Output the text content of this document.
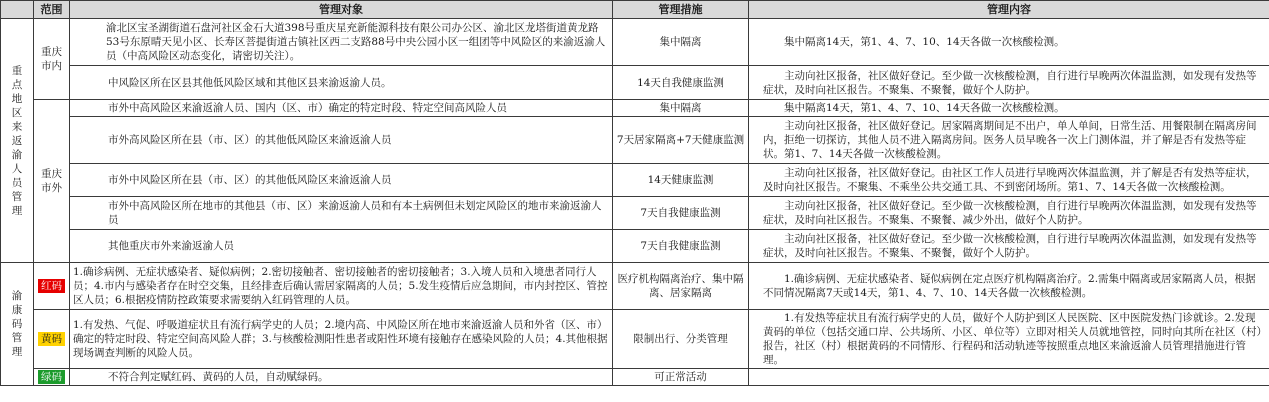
	范围	管理对象	管理措施	管理内容
重点地区来返渝人员管理	重庆市内	渝北区宝圣湖街道石盘河社区金石大道398号重庆星充新能源科技有限公司办公区、渝北区龙塔街道黄龙路53号东原晴天见小区、长寿区菩提街道古镇社区西二支路88号中央公园小区一组团等中风险区的来渝返渝人员（中高风险区动态变化，请密切关注）。	集中隔离	集中隔离14天，第1、4、7、10、14天各做一次核酸检测。
		中风险区所在区县其他低风险区域和其他区县来渝返渝人员。	14天自我健康监测	主动向社区报备，社区做好登记。至少做一次核酸检测，自行进行早晚两次体温监测，如发现有发热等症状，及时向社区报告。不聚集、不聚餐，做好个人防护。
	重庆市外	市外中高风险区来渝返渝人员、国内（区、市）确定的特定时段、特定空间高风险人员	集中隔离	集中隔离14天，第1、4、7、10、14天各做一次核酸检测。
		市外高风险区所在县（市、区）的其他低风险区来渝返渝人员	7天居家隔离+7天健康监测	主动向社区报备，社区做好登记。居家隔离期间足不出户，单人单间，日常生活、用餐限制在隔离房间内，拒绝一切探访，其他人员不进入隔离房间。医务人员早晚各一次上门测体温，并了解是否有发热等症状。第1、7、14天各做一次核酸检测。
		市外中风险区所在县（市、区）的其他低风险区来渝返渝人员	14天健康监测	主动向社区报备，社区做好登记。由社区工作人员进行早晚两次体温监测，并了解是否有发热等症状，及时向社区报告。不聚集、不乘坐公共交通工具、不到密闭场所。第1、7、14天各做一次核酸检测。
		市外中高风险区所在地市的其他县（市、区）来渝返渝人员和有本土病例但未划定风险区的地市来渝返渝人员	7天自我健康监测	主动向社区报备，社区做好登记。至少做一次核酸检测，自行进行早晚两次体温监测，如发现有发热等症状，及时向社区报告。不聚集、不聚餐、减少外出，做好个人防护。
		其他重庆市外来渝返渝人员	7天自我健康监测	主动向社区报备，社区做好登记。至少做一次核酸检测，自行进行早晚两次体温监测，如发现有发热等症状，及时向社区报告。不聚集、不聚餐，做好个人防护。
渝康码管理	红码	1.确诊病例、无症状感染者、疑似病例；2.密切接触者、密切接触者的密切接触者；3.入境人员和入境患者同行人员；4.市内与感染者存在时空交集，且经排查后确认需居家隔离的人员；5.发生疫情后应急期间，市内封控区、管控区人员；6.根据疫情防控政策要求需要纳入红码管理的人员。	医疗机构隔离治疗、集中隔离、居家隔离	1.确诊病例、无症状感染者、疑似病例在定点医疗机构隔离治疗。2.需集中隔离或居家隔离人员，根据不同情况隔离7天或14天，第1、4、7、10、14天各做一次核酸检测。
	黄码	1.有发热、气促、呼吸道症状且有流行病学史的人员；2.境内高、中风险区所在地市来渝返渝人员和外省（区、市）确定的特定时段、特定空间高风险人群；3.与核酸检测阳性患者或阳性环境有接触存在感染风险的人员；4.其他根据现场调查判断的风险人员。	限制出行、分类管理	1.有发热等症状且有流行病学史的人员，做好个人防护到区人民医院、区中医院发热门诊就诊。2.发现黄码的单位（包括交通口岸、公共场所、小区、单位等）立即对相关人员就地管控，同时向其所在社区（村）报告，社区（村）根据黄码的不同情形、行程码和活动轨迹等按照重点地区来渝返渝人员管理措施进行管理。
	绿码	不符合判定赋红码、黄码的人员，自动赋绿码。	可正常活动	
